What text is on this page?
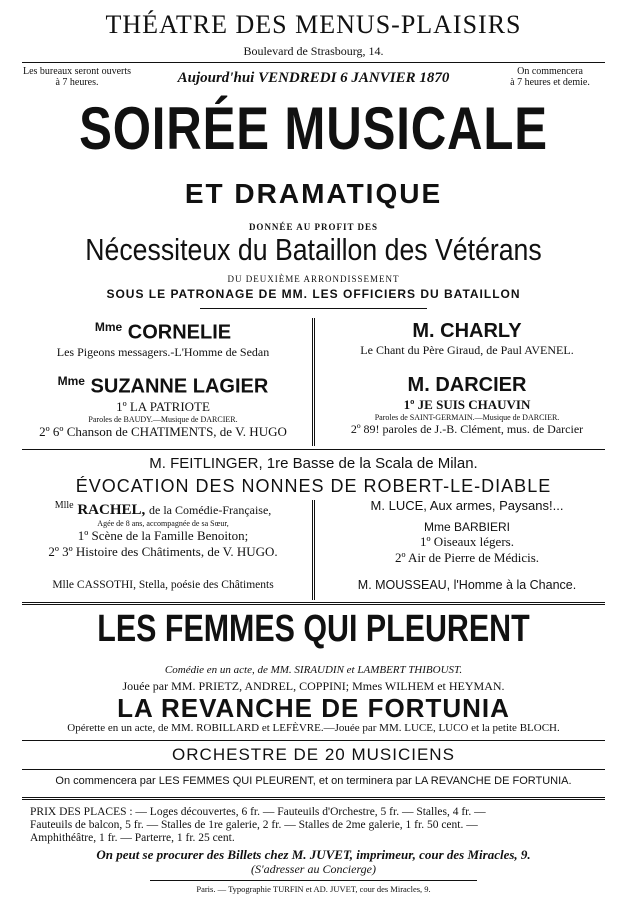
THÉATRE DES MENUS-PLAISIRS
Boulevard de Strasbourg, 14.
Les bureaux seront ouverts
à 7 heures.	Aujourd'hui VENDREDI 6 JANVIER 1870	On commencera
à 7 heures et demie.
SOIRÉE MUSICALE
ET DRAMATIQUE
DONNÉE AU PROFIT DES
Nécessiteux du Bataillon des Vétérans
DU DEUXIÈME ARRONDISSEMENT
SOUS LE PATRONAGE DE MM. LES OFFICIERS DU BATAILLON
$^{Mme}$ CORNELIE
Les Pigeons messagers.-L'Homme de Sedan
M. CHARLY
Le Chant du Père Giraud, de Paul AVENEL.
$^{Mme}$ SUZANNE LAGIER
1º LA PATRIOTE
Paroles de BAUDY.—Musique de DARCIER.
2º 6º Chanson de CHATIMENTS, de V. HUGO
M. DARCIER
1º JE SUIS CHAUVIN
Paroles de SAINT-GERMAIN.—Musique de DARCIER.
2º 89! paroles de J.-B. Clément, mus. de Darcier
M. FEITLINGER, 1re Basse de la Scala de Milan.
ÉVOCATION DES NONNES DE ROBERT-LE-DIABLE
$^{Mlle}$ RACHEL, de la Comédie-Française,
Agée de 8 ans, accompagnée de sa Sœur,
1º Scène de la Famille Benoiton;
2º 3º Histoire des Châtiments, de V. HUGO.
Mlle CASSOTHI, Stella, poésie des Châtiments
M. LUCE, Aux armes, Paysans!...
Mme BARBIERI
1º Oiseaux légers.
2º Air de Pierre de Médicis.
M. MOUSSEAU, l'Homme à la Chance.
LES FEMMES QUI PLEURENT
Comédie en un acte, de MM. SIRAUDIN et LAMBERT THIBOUST.
Jouée par MM. PRIETZ, ANDREL, COPPINI; Mmes WILHEM et HEYMAN.
LA REVANCHE DE FORTUNIA
Opérette en un acte, de MM. ROBILLARD et LEFÈVRE.—Jouée par MM. LUCE, LUCO et la petite BLOCH.
ORCHESTRE DE 20 MUSICIENS
On commencera par LES FEMMES QUI PLEURENT, et on terminera par LA REVANCHE DE FORTUNIA.
PRIX DES PLACES : — Loges découvertes, 6 fr. — Fauteuils d'Orchestre, 5 fr. — Stalles, 4 fr. —
Fauteuils de balcon, 5 fr. — Stalles de 1re galerie, 2 fr. — Stalles de 2me galerie, 1 fr. 50 cent. —
Amphithéâtre, 1 fr. — Parterre, 1 fr. 25 cent.
On peut se procurer des Billets chez M. JUVET, imprimeur, cour des Miracles, 9.
(S'adresser au Concierge)
Paris. — Typographie TURFIN et AD. JUVET, cour des Miracles, 9.
